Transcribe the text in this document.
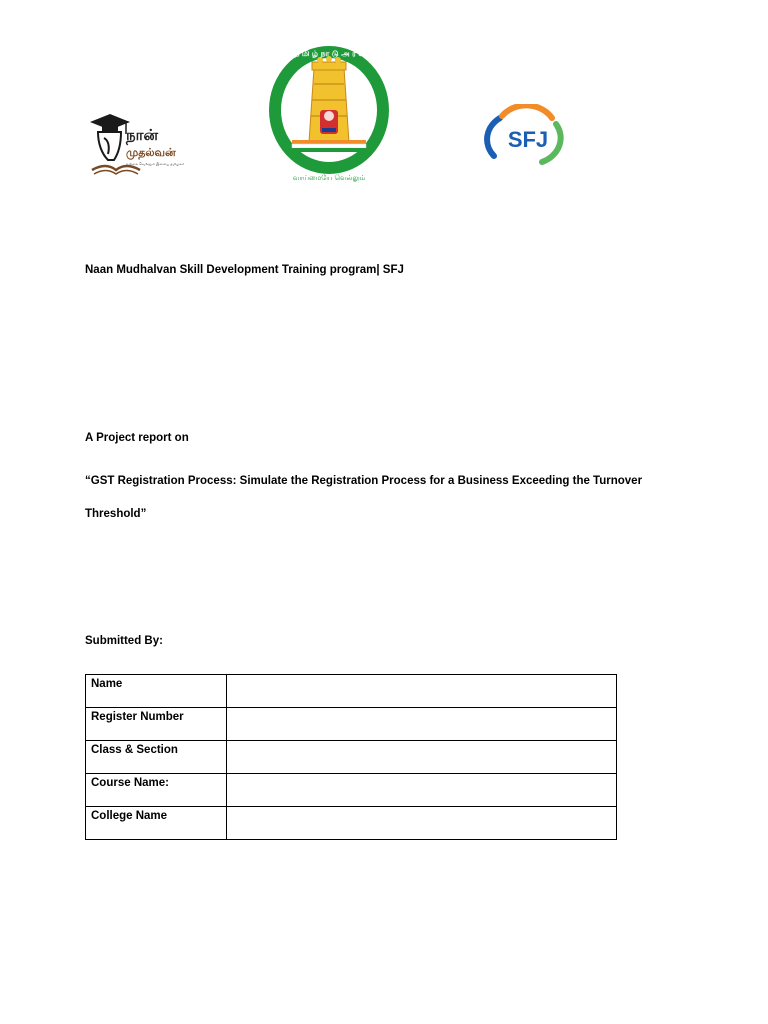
நான்
முதல்வன்
உலகை வெல்லும் இளைய தமிழகம்
த மி ழ் நா டு அ ர சு
வாய்மையே வெல்லும்
SFJ
Naan Mudhalvan Skill Development Training program| SFJ
A Project report on
“GST Registration Process: Simulate the Registration Process for a Business Exceeding the Turnover
Threshold”
Submitted By:
Name	
Register Number	
Class & Section	
Course Name:	
College Name	
